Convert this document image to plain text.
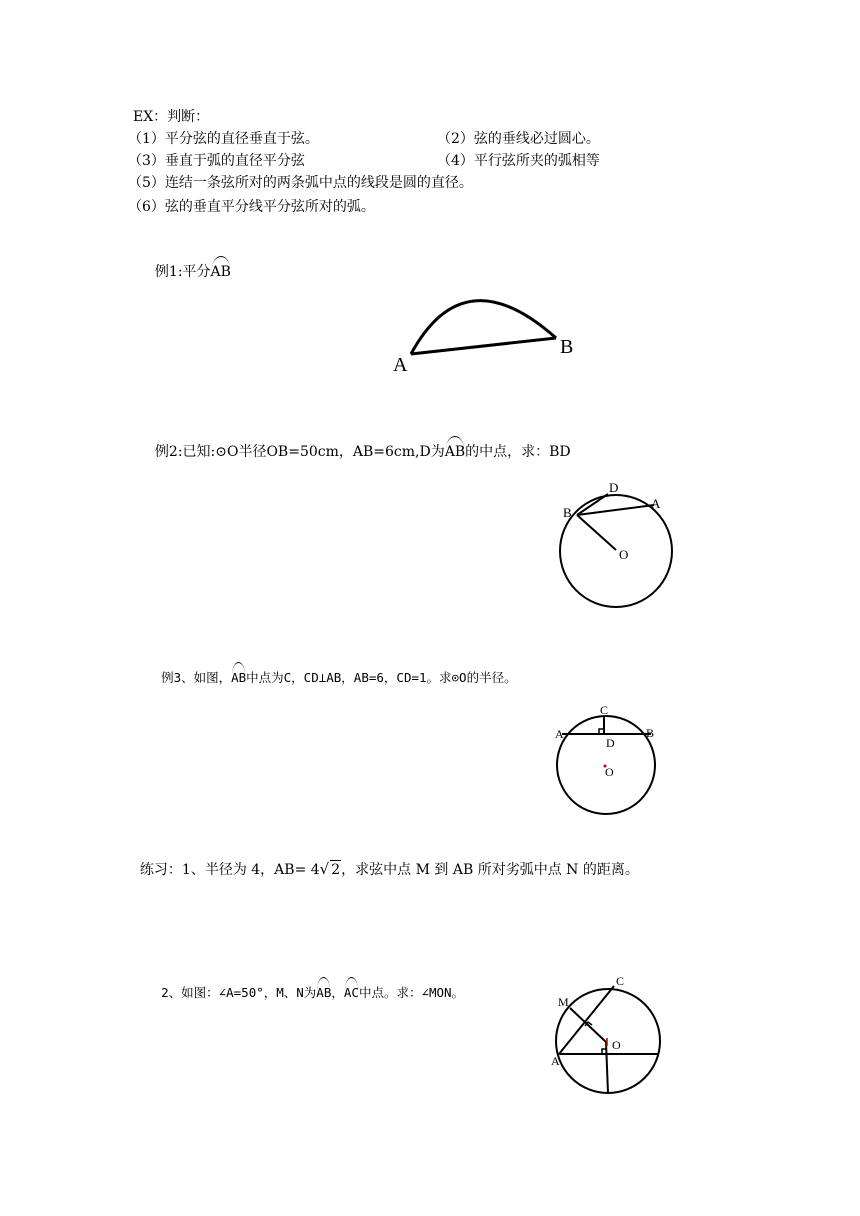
EX：判断：
（1）平分弦的直径垂直于弦。	（2）弦的垂线必过圆心。
（3）垂直于弧的直径平分弦	（4）平行弦所夹的弧相等
（5）连结一条弦所对的两条弧中点的线段是圆的直径。
（6）弦的垂直平分线平分弦所对的弧。

例1:平分AB

A
B

例2:已知:⊙O半径OB=50cm，AB=6cm,D为AB的中点，求：BD

B
D
A
O

例3、如图，AB中点为C，CD⊥AB，AB=6，CD=1。求⊙O的半径。

C
A	B
D
O

练习：1、半径为 4，AB= 4√ 2，求弦中点 M 到 AB 所对劣弧中点 N 的距离。

2、如图：∠A=50°，M、N为AB，AC中点。求：∠MON。

M
C
O
A
